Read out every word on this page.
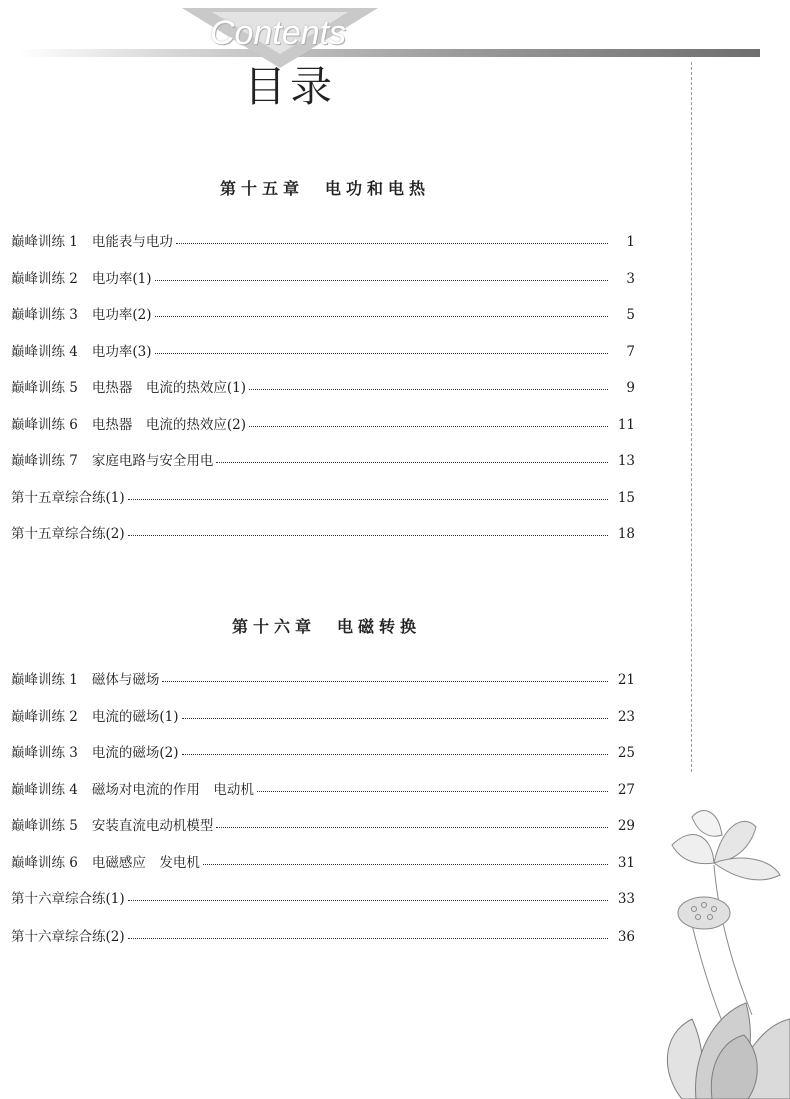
Contents
目录
第十五章　电功和电热
巅峰训练 1 电能表与电功	1
巅峰训练 2 电功率(1)	3
巅峰训练 3 电功率(2)	5
巅峰训练 4 电功率(3)	7
巅峰训练 5 电热器　电流的热效应(1)	9
巅峰训练 6 电热器　电流的热效应(2)	11
巅峰训练 7 家庭电路与安全用电	13
第十五章综合练(1)	15
第十五章综合练(2)	18
第十六章　电磁转换
巅峰训练 1 磁体与磁场	21
巅峰训练 2 电流的磁场(1)	23
巅峰训练 3 电流的磁场(2)	25
巅峰训练 4 磁场对电流的作用　电动机	27
巅峰训练 5 安装直流电动机模型	29
巅峰训练 6 电磁感应　发电机	31
第十六章综合练(1)	33
第十六章综合练(2)	36
